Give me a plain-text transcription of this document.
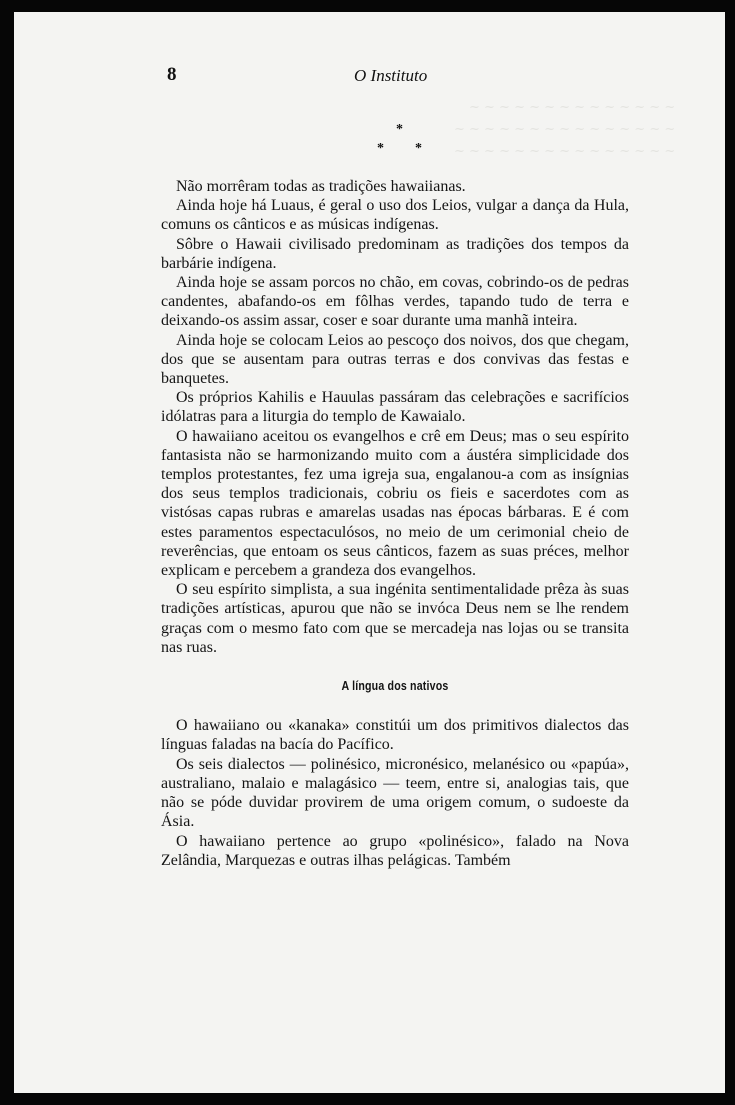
~ ~ ~ ~ ~ ~ ~ ~ ~ ~ ~ ~ ~ ~
~ ~ ~ ~ ~ ~ ~ ~ ~ ~ ~ ~ ~ ~ ~
~ ~ ~ ~ ~ ~ ~ ~ ~ ~ ~ ~ ~ ~ ~
8	O Instituto
*
* *

Não morrêram todas as tradições hawaiianas.

Ainda hoje há Luaus, é geral o uso dos Leios, vulgar a dança da Hula, comuns os cânticos e as músicas indígenas.

Sôbre o Hawaii civilisado predominam as tradições dos tempos da barbárie indígena.

Ainda hoje se assam porcos no chão, em covas, cobrindo-os de pedras candentes, abafando-os em fôlhas verdes, tapando tudo de terra e deixando-os assim assar, coser e soar durante uma manhã inteira.

Ainda hoje se colocam Leios ao pescoço dos noivos, dos que chegam, dos que se ausentam para outras terras e dos convivas das festas e banquetes.

Os próprios Kahilis e Hauulas passáram das celebrações e sacrifícios idólatras para a liturgia do templo de Kawaialo.

O hawaiiano aceitou os evangelhos e crê em Deus; mas o seu espírito fantasista não se harmonizando muito com a áustéra simplicidade dos templos protestantes, fez uma igreja sua, engalanou-a com as insígnias dos seus templos tradicionais, cobriu os fieis e sacerdotes com as vistósas capas rubras e amarelas usadas nas épocas bárbaras. E é com estes paramentos espectaculósos, no meio de um cerimonial cheio de reverências, que entoam os seus cânticos, fazem as suas préces, melhor explicam e percebem a grandeza dos evangelhos.

O seu espírito simplista, a sua ingénita sentimentalidade prêza às suas tradições artísticas, apurou que não se invóca Deus nem se lhe rendem graças com o mesmo fato com que se mercadeja nas lojas ou se transita nas ruas.

A língua dos nativos

O hawaiiano ou «kanaka» constitúi um dos primitivos dialectos das línguas faladas na bacía do Pacífico.

Os seis dialectos — polinésico, micronésico, melanésico ou «papúa», australiano, malaio e malagásico — teem, entre si, analogias tais, que não se póde duvidar provirem de uma origem comum, o sudoeste da Ásia.

O hawaiiano pertence ao grupo «polinésico», falado na Nova Zelândia, Marquezas e outras ilhas pelágicas. Também
